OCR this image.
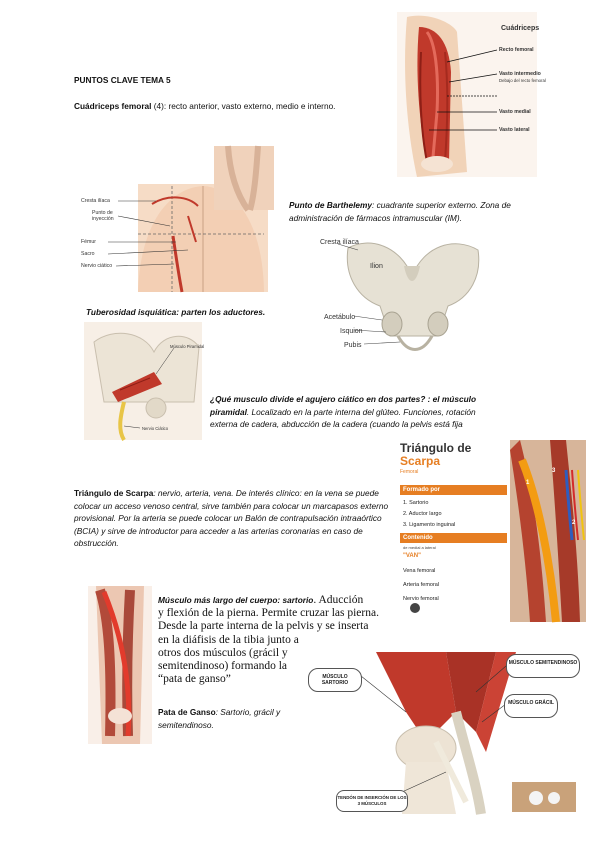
PUNTOS CLAVE TEMA 5
Cuádriceps femoral (4): recto anterior, vasto externo, medio e interno.
Cuádriceps
Recto femoral
Vasto intermedio
Debajo del recto femoral
Vasto medial
Vasto lateral
Cresta ilíaca
Punto de inyección
Fémur
Sacro
Nervio ciático
Punto de Barthelemy: cuadrante superior externo. Zona de administración de fármacos intramuscular (IM).
Cresta ilíaca
Ilion
Acetábulo
Isquion
Pubis
Tuberosidad isquiática: parten los aductores.
Músculo Piramidal
Nervio Ciático
¿Qué musculo divide el agujero ciático en dos partes? : el músculo piramidal. Localizado en la parte interna del glúteo. Funciones, rotación externa de cadera, abducción de la cadera (cuando la pelvis está fija
Triángulo de Scarpa: nervio, arteria, vena. De interés clínico: en la vena se puede colocar un acceso venoso central, sirve también para colocar un marcapasos externo provisional. Por la arteria se puede colocar un Balón de contrapulsación intraaórtico (BCIA) y sirve de introductor para acceder a las arterias coronarias en caso de obstrucción.
Triángulo de
Scarpa
Femoral
Formado por
1. Sartorio
2. Aductor largo
3. Ligamento inguinal
Contenido
de medial a lateral
"VAN"
Vena femoral
Arteria femoral
Nervio femoral
1
2
3
Músculo más largo del cuerpo: sartorio. Aducción
y flexión de la pierna. Permite cruzar las pierna.
Desde la parte interna de la pelvis y se inserta
en la diáfisis de la tibia junto a
otros dos músculos (grácil y
semitendinoso) formando la
“pata de ganso”
Pata de Ganso: Sartorio, grácil y semitendinoso.
MÚSCULO SARTORIO
MÚSCULO SEMITENDINOSO
MÚSCULO GRÁCIL
TENDÓN DE INSERCIÓN DE LOS 3 MÚSCULOS
